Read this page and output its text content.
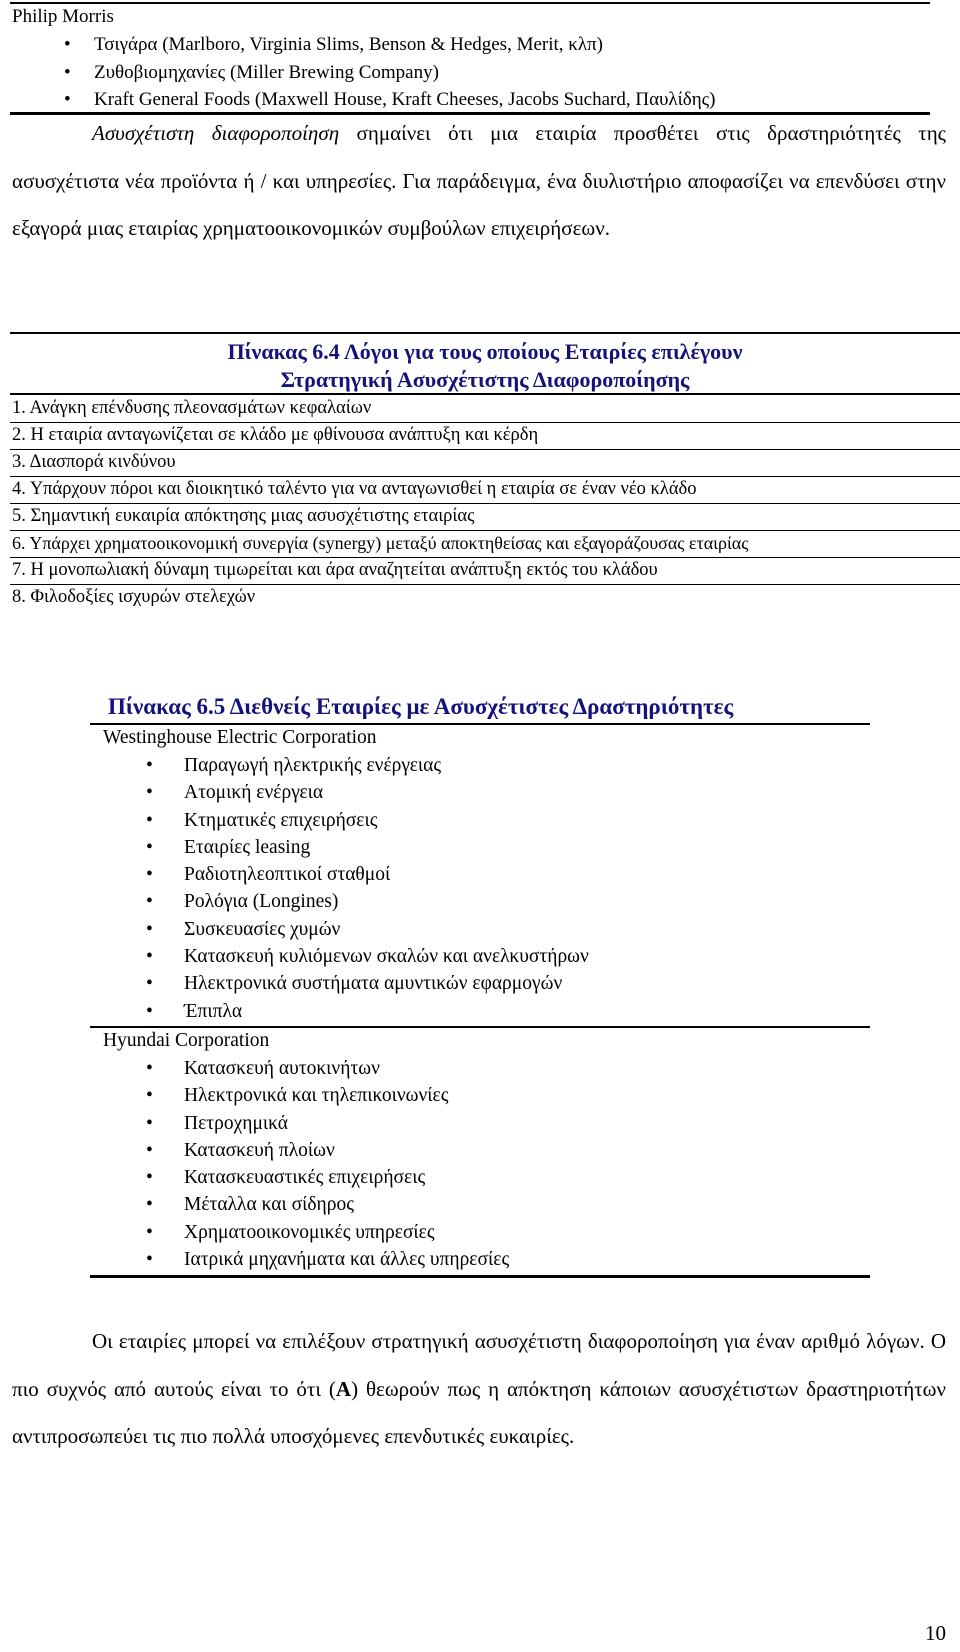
Philip Morris
• Τσιγάρα (Marlboro, Virginia Slims, Benson & Hedges, Merit, κλπ)
• Ζυθοβιομηχανίες (Miller Brewing Company)
• Kraft General Foods (Maxwell House, Kraft Cheeses, Jacobs Suchard, Παυλίδης)

Ασυσχέτιστη διαφοροποίηση σημαίνει ότι μια εταιρία προσθέτει στις δραστηριότητές της ασυσχέτιστα νέα προϊόντα ή / και υπηρεσίες. Για παράδειγμα, ένα διυλιστήριο αποφασίζει να επενδύσει στην εξαγορά μιας εταιρίας χρηματοοικονομικών συμβούλων επιχειρήσεων.

Πίνακας 6.4 Λόγοι για τους οποίους Εταιρίες επιλέγουν
Στρατηγική Ασυσχέτιστης Διαφοροποίησης
1. Ανάγκη επένδυσης πλεονασμάτων κεφαλαίων
2. Η εταιρία ανταγωνίζεται σε κλάδο με φθίνουσα ανάπτυξη και κέρδη
3. Διασπορά κινδύνου
4. Υπάρχουν πόροι και διοικητικό ταλέντο για να ανταγωνισθεί η εταιρία σε έναν νέο κλάδο
5. Σημαντική ευκαιρία απόκτησης μιας ασυσχέτιστης εταιρίας
6. Υπάρχει χρηματοοικονομική συνεργία (synergy) μεταξύ αποκτηθείσας και εξαγοράζουσας εταιρίας
7. Η μονοπωλιακή δύναμη τιμωρείται και άρα αναζητείται ανάπτυξη εκτός του κλάδου
8. Φιλοδοξίες ισχυρών στελεχών
Πίνακας 6.5 Διεθνείς Εταιρίες με Ασυσχέτιστες Δραστηριότητες
Westinghouse Electric Corporation
• Παραγωγή ηλεκτρικής ενέργειας
• Ατομική ενέργεια
• Κτηματικές επιχειρήσεις
• Εταιρίες leasing
• Ραδιοτηλεοπτικοί σταθμοί
• Ρολόγια (Longines)
• Συσκευασίες χυμών
• Κατασκευή κυλιόμενων σκαλών και ανελκυστήρων
• Ηλεκτρονικά συστήματα αμυντικών εφαρμογών
• Έπιπλα
Hyundai Corporation
• Κατασκευή αυτοκινήτων
• Ηλεκτρονικά και τηλεπικοινωνίες
• Πετροχημικά
• Κατασκευή πλοίων
• Κατασκευαστικές επιχειρήσεις
• Μέταλλα και σίδηρος
• Χρηματοοικονομικές υπηρεσίες
• Ιατρικά μηχανήματα και άλλες υπηρεσίες

Οι εταιρίες μπορεί να επιλέξουν στρατηγική ασυσχέτιστη διαφοροποίηση για έναν αριθμό λόγων. Ο πιο συχνός από αυτούς είναι το ότι (Α) θεωρούν πως η απόκτηση κάποιων ασυσχέτιστων δραστηριοτήτων αντιπροσωπεύει τις πιο πολλά υποσχόμενες επενδυτικές ευκαιρίες.

10
